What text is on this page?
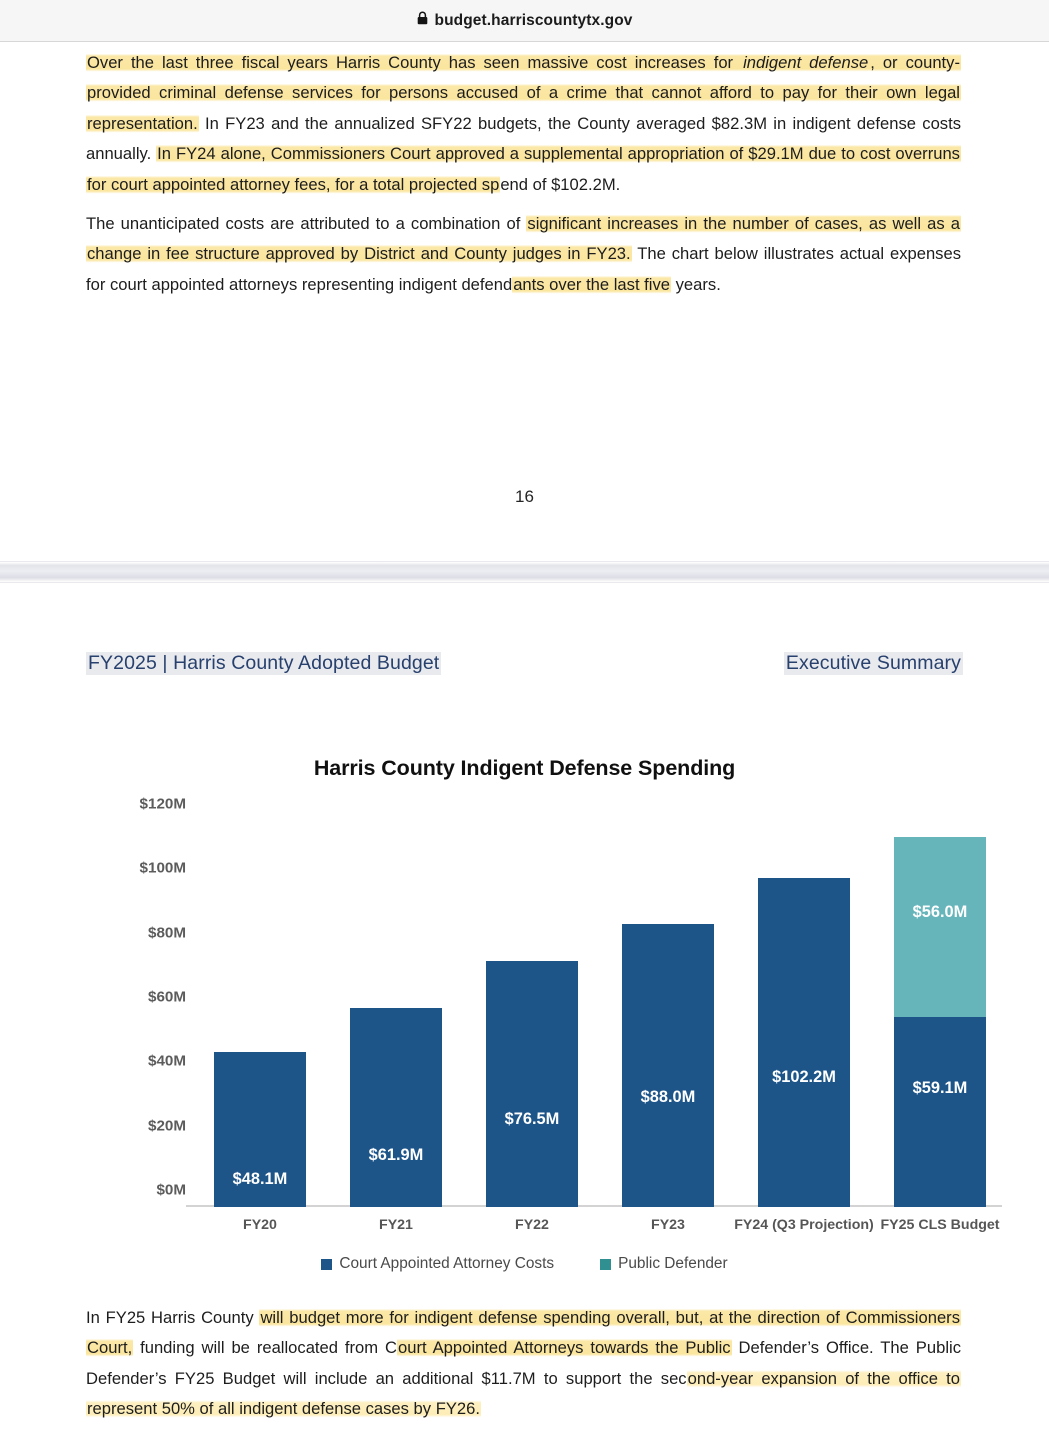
budget.harriscountytx.gov

Over the last three fiscal years Harris County has seen massive cost increases for indigent defense , or county-provided criminal defense services for persons accused of a crime that cannot afford to pay for their own legal representation. In FY23 and the annualized SFY22 budgets, the County averaged $82.3M in indigent defense costs annually. In FY24 alone, Commissioners Court approved a supplemental appropriation of $29.1M due to cost overruns for court appointed attorney fees, for a total projected spend of $102.2M.

The unanticipated costs are attributed to a combination of significant increases in the number of cases, as well as a change in fee structure approved by District and County judges in FY23. The chart below illustrates actual expenses for court appointed attorneys representing indigent defendants over the last five years.

16
FY2025 | Harris County Adopted Budget	Executive Summary
Harris County Indigent Defense Spending
$120M
$100M
$80M
$60M
$40M
$20M
$0M
$48.1M
FY20
$61.9M
FY21
$76.5M
FY22
$88.0M
FY23
$102.2M
FY24 (Q3 Projection)
$56.0M
$59.1M
FY25 CLS Budget
Court Appointed Attorney Costs	Public Defender

In FY25 Harris County will budget more for indigent defense spending overall, but, at the direction of Commissioners Court, funding will be reallocated from Court Appointed Attorneys towards the Public Defender’s Office. The Public Defender’s FY25 Budget will include an additional $11.7M to support the second-year expansion of the office to represent 50% of all indigent defense cases by FY26.
